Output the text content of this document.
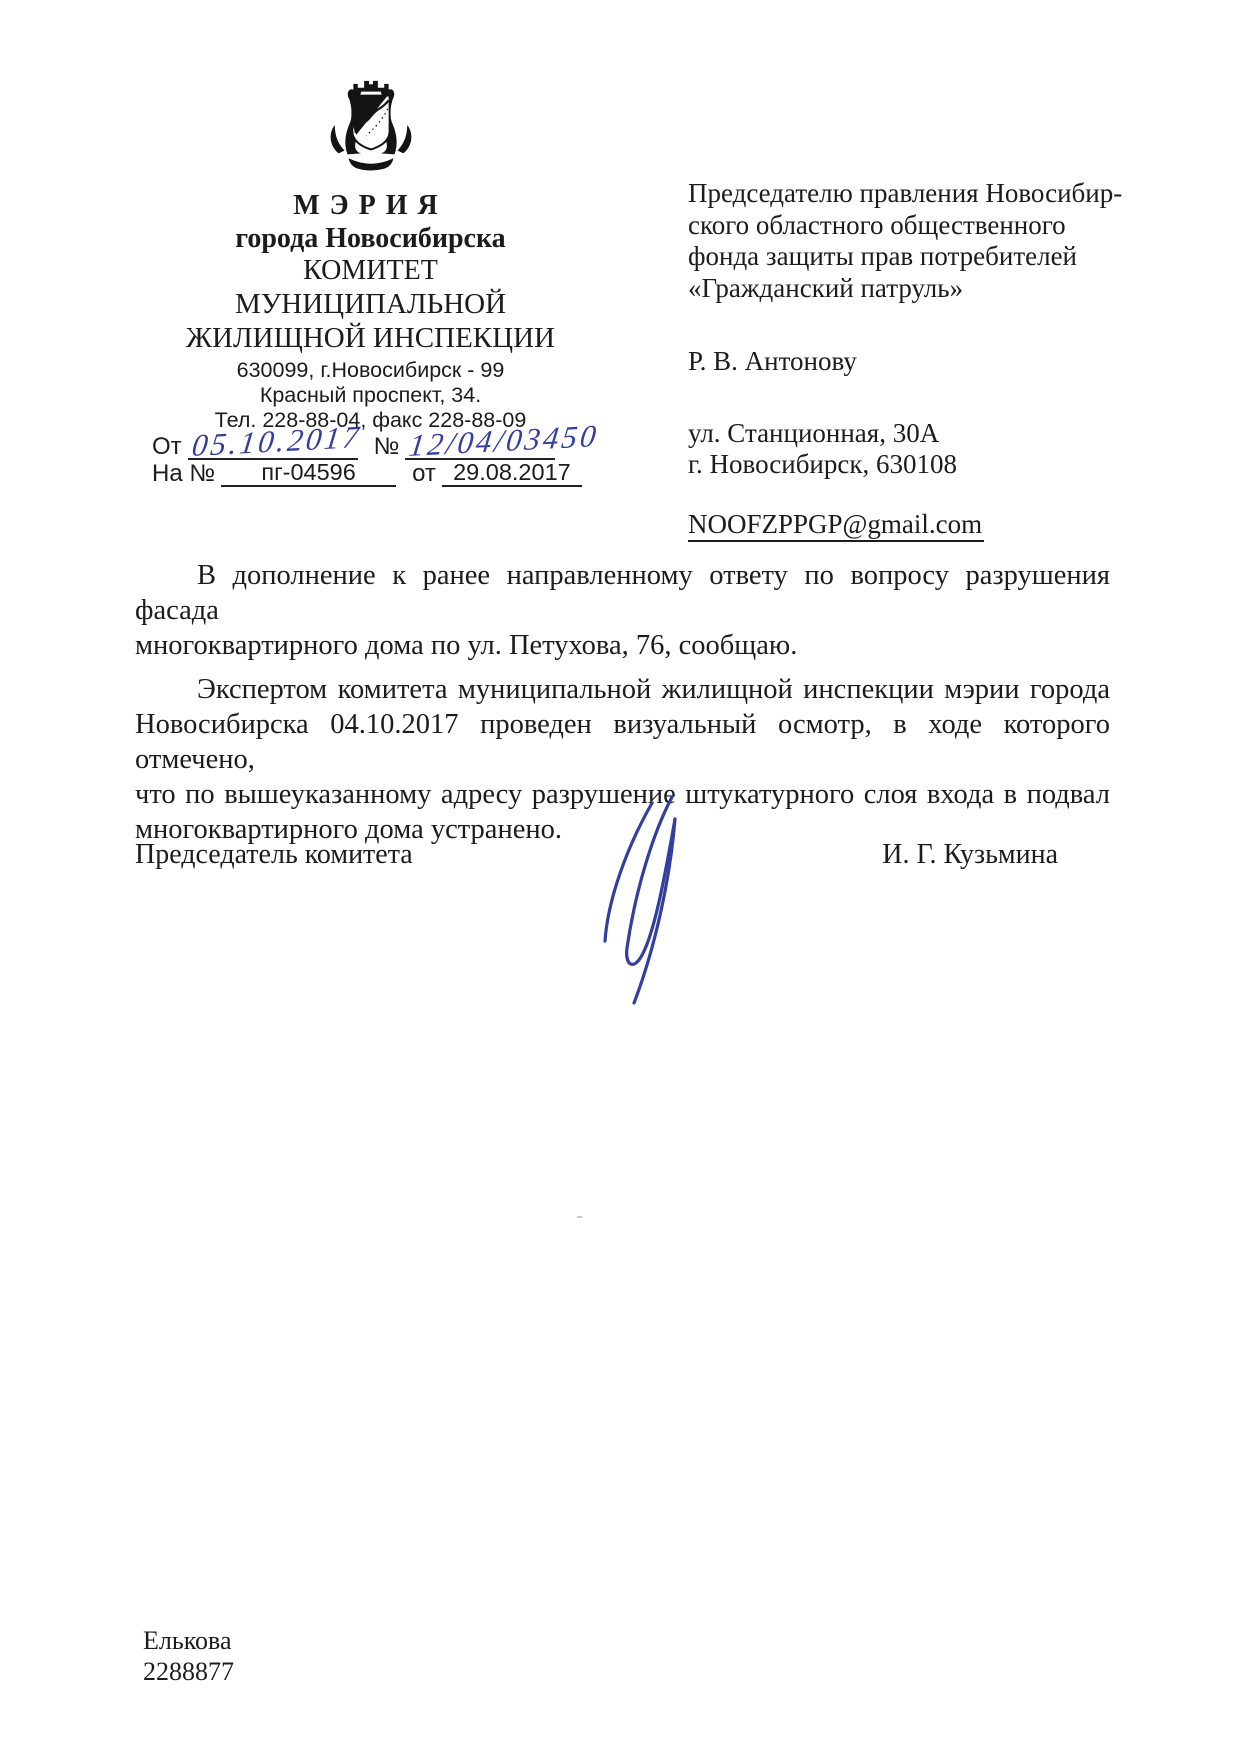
МЭРИЯ
города Новосибирска
КОМИТЕТ
МУНИЦИПАЛЬНОЙ
ЖИЛИЩНОЙ ИНСПЕКЦИИ
630099, г.Новосибирск - 99
Красный проспект, 34.
Тел. 228-88-04, факс 228-88-09
От 05.10.2017 № 12/04/03450
На №	пг-04596	от 29.08.2017
Председателю правления Новосибир-
ского областного общественного
фонда защиты прав потребителей
«Гражданский патруль»
Р. В. Антонову
ул. Станционная, 30А
г. Новосибирск, 630108
NOOFZPPGP@gmail.com
В дополнение к ранее направленному ответу по вопросу разрушения фасада
многоквартирного дома по ул. Петухова, 76, сообщаю.
Экспертом комитета муниципальной жилищной инспекции мэрии города
Новосибирска 04.10.2017 проведен визуальный осмотр, в ходе которого отмечено,
что по вышеуказанному адресу разрушение штукатурного слоя входа в подвал
многоквартирного дома устранено.
Председатель комитета	И. Г. Кузьмина
Елькова
2288877
